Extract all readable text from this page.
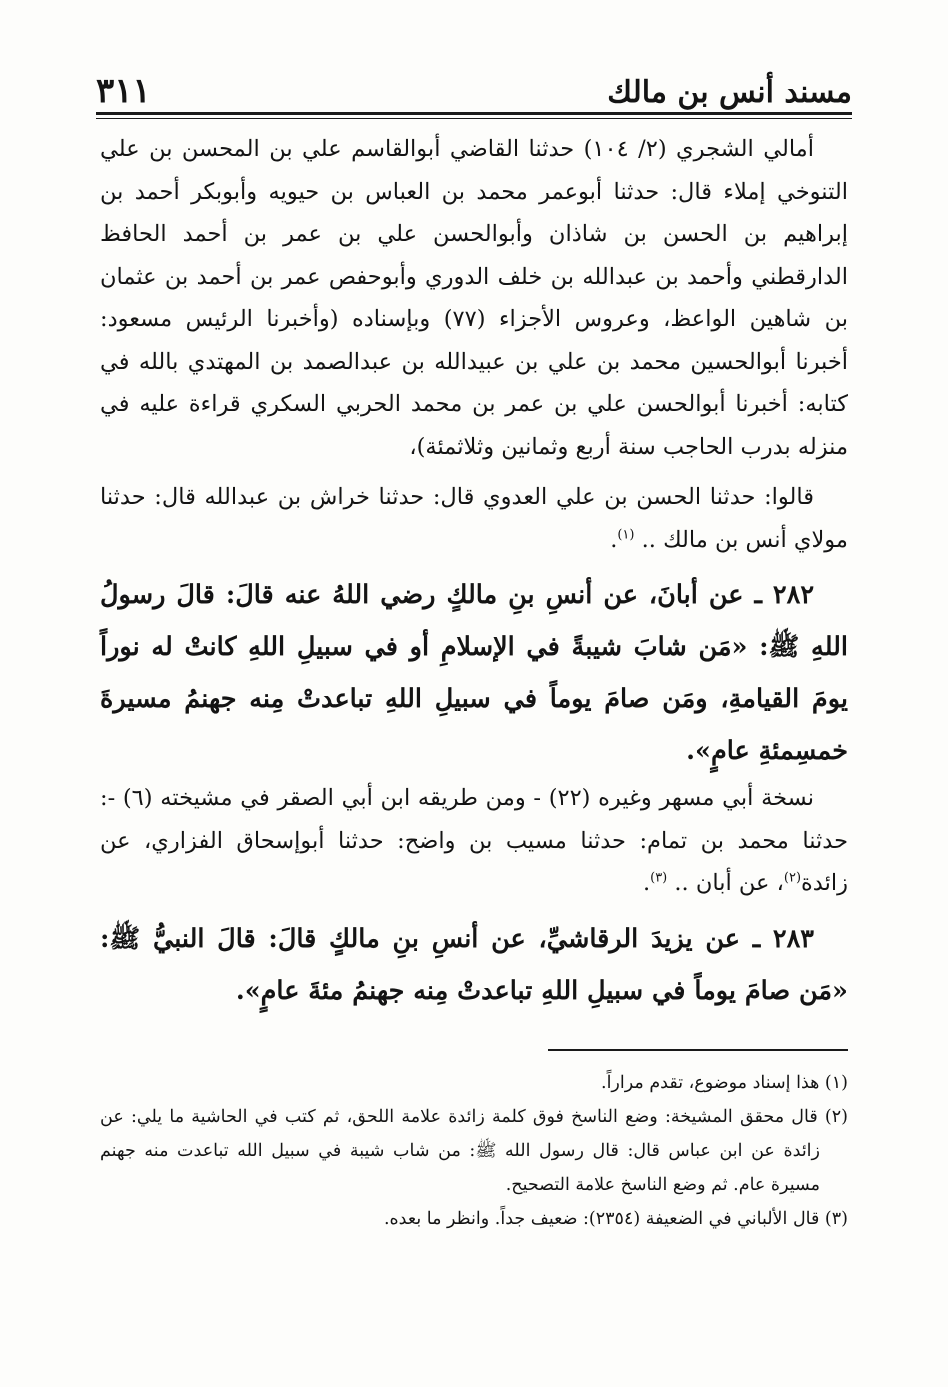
مسند أنس بن مالك
٣١١

أمالي الشجري (٢/ ١٠٤) حدثنا القاضي أبوالقاسم علي بن المحسن بن علي التنوخي إملاء قال: حدثنا أبوعمر محمد بن العباس بن حيويه وأبوبكر أحمد بن إبراهيم بن الحسن بن شاذان وأبوالحسن علي بن عمر بن أحمد الحافظ الدارقطني وأحمد بن عبدالله بن خلف الدوري وأبوحفص عمر بن أحمد بن عثمان بن شاهين الواعظ، وعروس الأجزاء (٧٧) وبإسناده (وأخبرنا الرئيس مسعود: أخبرنا أبوالحسين محمد بن علي بن عبيدالله بن عبدالصمد بن المهتدي بالله في كتابه: أخبرنا أبوالحسن علي بن عمر بن محمد الحربي السكري قراءة عليه في منزله بدرب الحاجب سنة أربع وثمانين وثلاثمئة)،

قالوا: حدثنا الحسن بن علي العدوي قال: حدثنا خراش بن عبدالله قال: حدثنا مولاي أنس بن مالك .. $^{(١)}$.

٢٨٢ ـ عن أبانَ، عن أنسِ بنِ مالكٍ رضي اللهُ عنه قالَ: قالَ رسولُ اللهِ ﷺ: «مَن شابَ شيبةً في الإسلامِ أو في سبيلِ اللهِ كانتْ له نوراً يومَ القيامةِ، ومَن صامَ يوماً في سبيلِ اللهِ تباعدتْ مِنه جهنمُ مسيرةَ خمسِمئةِ عامٍ».

نسخة أبي مسهر وغيره (٢٢) - ومن طريقه ابن أبي الصقر في مشيخته (٦) -: حدثنا محمد بن تمام: حدثنا مسيب بن واضح: حدثنا أبوإسحاق الفزاري، عن زائدة$^{(٢)}$، عن أبان .. $^{(٣)}$.

٢٨٣ ـ عن يزيدَ الرقاشيِّ، عن أنسِ بنِ مالكٍ قالَ: قالَ النبيُّ ﷺ: «مَن صامَ يوماً في سبيلِ اللهِ تباعدتْ مِنه جهنمُ مئةَ عامٍ».

(١) هذا إسناد موضوع، تقدم مراراً.

(٢) قال محقق المشيخة: وضع الناسخ فوق كلمة زائدة علامة اللحق، ثم كتب في الحاشية ما يلي: عن زائدة عن ابن عباس قال: قال رسول الله ﷺ: من شاب شيبة في سبيل الله تباعدت منه جهنم مسيرة عام. ثم وضع الناسخ علامة التصحيح.

(٣) قال الألباني في الضعيفة (٢٣٥٤): ضعيف جداً. وانظر ما بعده.
